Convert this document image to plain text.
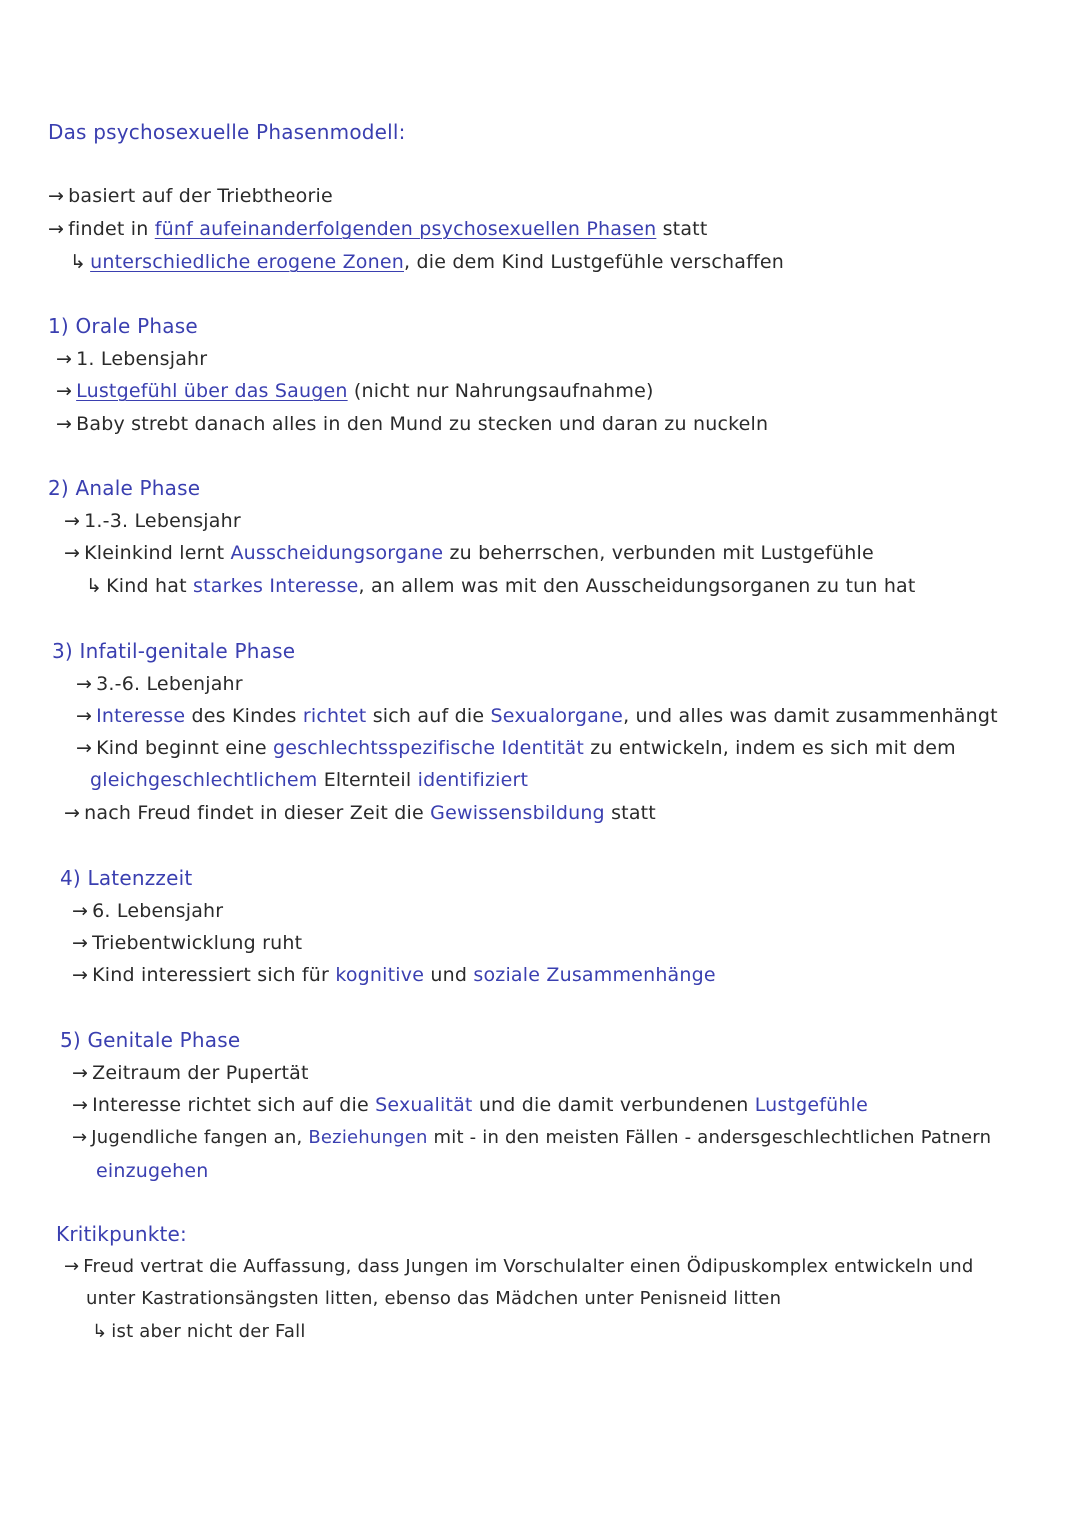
Das psychosexuelle Phasenmodell:
→ basiert auf der Triebtheorie
→ findet in fünf aufeinanderfolgenden psychosexuellen Phasen statt
↳ unterschiedliche erogene Zonen, die dem Kind Lustgefühle verschaffen
1) Orale Phase
→ 1. Lebensjahr
→ Lustgefühl über das Saugen (nicht nur Nahrungsaufnahme)
→ Baby strebt danach alles in den Mund zu stecken und daran zu nuckeln
2) Anale Phase
→ 1.-3. Lebensjahr
→ Kleinkind lernt Ausscheidungsorgane zu beherrschen, verbunden mit Lustgefühle
↳ Kind hat starkes Interesse, an allem was mit den Ausscheidungsorganen zu tun hat
3) Infatil-genitale Phase
→ 3.-6. Lebenjahr
→ Interesse des Kindes richtet sich auf die Sexualorgane, und alles was damit zusammenhängt
→ Kind beginnt eine geschlechtsspezifische Identität zu entwickeln, indem es sich mit dem
gleichgeschlechtlichem Elternteil identifiziert
→ nach Freud findet in dieser Zeit die Gewissensbildung statt
4) Latenzzeit
→ 6. Lebensjahr
→ Triebentwicklung ruht
→ Kind interessiert sich für kognitive und soziale Zusammenhänge
5) Genitale Phase
→ Zeitraum der Pupertät
→ Interesse richtet sich auf die Sexualität und die damit verbundenen Lustgefühle
→ Jugendliche fangen an, Beziehungen mit - in den meisten Fällen - andersgeschlechtlichen Patnern
einzugehen
Kritikpunkte:
→ Freud vertrat die Auffassung, dass Jungen im Vorschulalter einen Ödipuskomplex entwickeln und
unter Kastrationsängsten litten, ebenso das Mädchen unter Penisneid litten
↳ ist aber nicht der Fall
